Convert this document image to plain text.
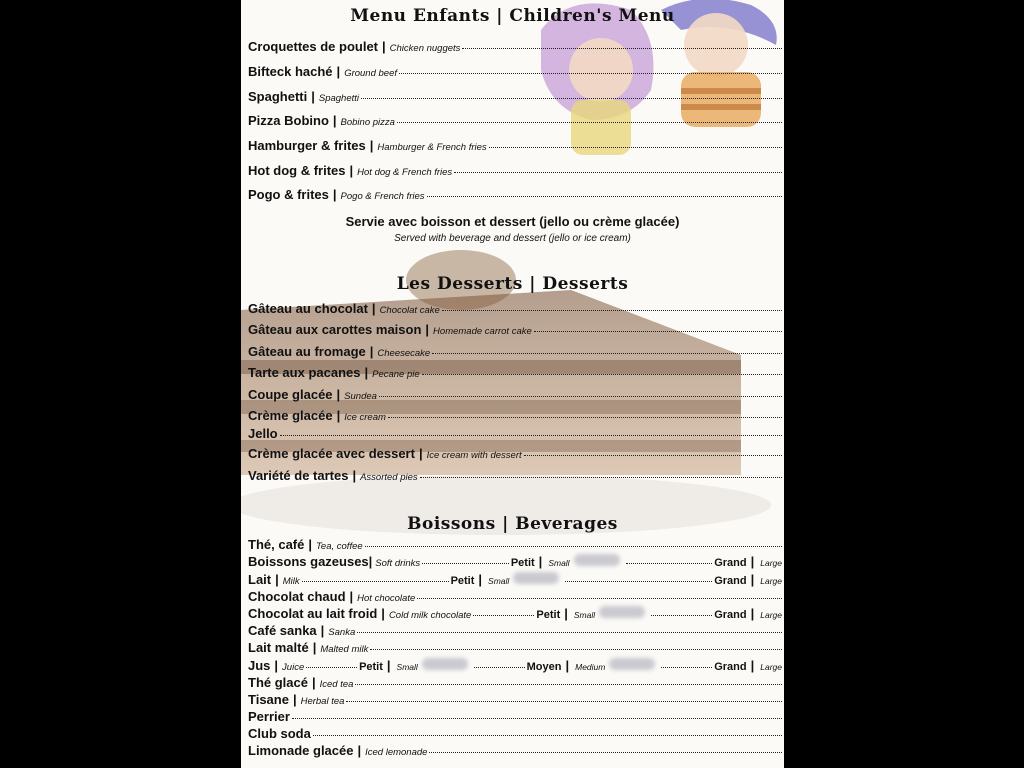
Menu Enfants | Children's Menu
Croquettes de poulet | Chicken nuggets
Bifteck haché | Ground beef
Spaghetti | Spaghetti
Pizza Bobino | Bobino pizza
Hamburger & frites | Hamburger & French fries
Hot dog & frites | Hot dog & French fries
Pogo & frites | Pogo & French fries
Servie avec boisson et dessert (jello ou crème glacée)
Served with beverage and dessert (jello or ice cream)
Les Desserts | Desserts
Gâteau au chocolat | Chocolat cake
Gâteau aux carottes maison | Homemade carrot cake
Gâteau au fromage | Cheesecake
Tarte aux pacanes | Pecane pie
Coupe glacée | Sundea
Crème glacée | Ice cream
Jello
Crème glacée avec dessert | Ice cream with dessert
Variété de tartes | Assorted pies
Boissons | Beverages
Thé, café | Tea, coffee
Boissons gazeuses | Soft drinks	Petit | Small	Grand | Large
Lait | Milk	Petit | Small	Grand | Large
Chocolat chaud | Hot chocolate
Chocolat au lait froid | Cold milk chocolate	Petit | Small	Grand | Large
Café sanka | Sanka
Lait malté | Malted milk
Jus | Juice	Petit | Small	Moyen | Medium	Grand | Large
Thé glacé | Iced tea
Tisane | Herbal tea
Perrier
Club soda
Limonade glacée | Iced lemonade
